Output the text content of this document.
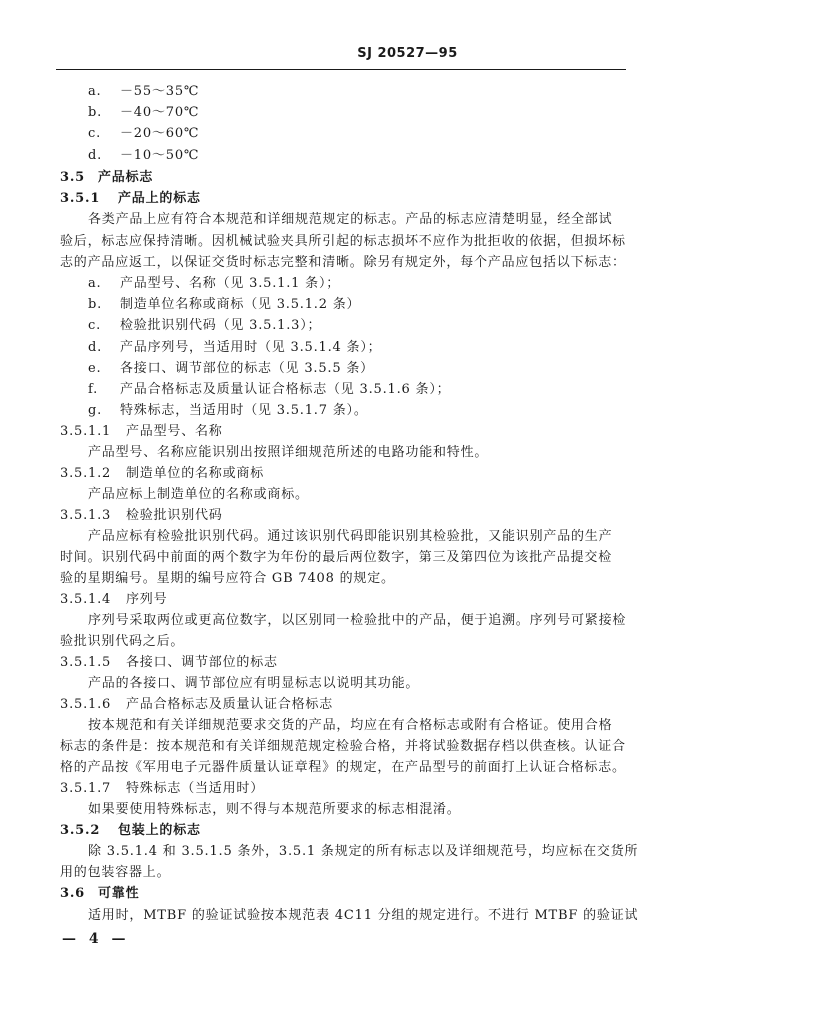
SJ 20527—95
a. －55～35℃
b. －40～70℃
c. －20～60℃
d. －10～50℃
3.5 产品标志
3.5.1 产品上的标志
各类产品上应有符合本规范和详细规范规定的标志。产品的标志应清楚明显，经全部试
验后，标志应保持清晰。因机械试验夹具所引起的标志损坏不应作为批拒收的依据，但损坏标
志的产品应返工，以保证交货时标志完整和清晰。除另有规定外，每个产品应包括以下标志：
a. 产品型号、名称（见 3.5.1.1 条）；
b. 制造单位名称或商标（见 3.5.1.2 条）
c. 检验批识别代码（见 3.5.1.3）；
d. 产品序列号，当适用时（见 3.5.1.4 条）；
e. 各接口、调节部位的标志（见 3.5.5 条）
f. 产品合格标志及质量认证合格标志（见 3.5.1.6 条）；
g. 特殊标志，当适用时（见 3.5.1.7 条）。
3.5.1.1 产品型号、名称
产品型号、名称应能识别出按照详细规范所述的电路功能和特性。
3.5.1.2 制造单位的名称或商标
产品应标上制造单位的名称或商标。
3.5.1.3 检验批识别代码
产品应标有检验批识别代码。通过该识别代码即能识别其检验批，又能识别产品的生产
时间。识别代码中前面的两个数字为年份的最后两位数字，第三及第四位为该批产品提交检
验的星期编号。星期的编号应符合 GB 7408 的规定。
3.5.1.4 序列号
序列号采取两位或更高位数字，以区别同一检验批中的产品，便于追溯。序列号可紧接检
验批识别代码之后。
3.5.1.5 各接口、调节部位的标志
产品的各接口、调节部位应有明显标志以说明其功能。
3.5.1.6 产品合格标志及质量认证合格标志
按本规范和有关详细规范要求交货的产品，均应在有合格标志或附有合格证。使用合格
标志的条件是：按本规范和有关详细规范规定检验合格，并将试验数据存档以供查核。认证合
格的产品按《军用电子元器件质量认证章程》的规定，在产品型号的前面打上认证合格标志。
3.5.1.7 特殊标志（当适用时）
如果要使用特殊标志，则不得与本规范所要求的标志相混淆。
3.5.2 包装上的标志
除 3.5.1.4 和 3.5.1.5 条外，3.5.1 条规定的所有标志以及详细规范号，均应标在交货所
用的包装容器上。
3.6 可靠性
适用时，MTBF 的验证试验按本规范表 4C11 分组的规定进行。不进行 MTBF 的验证试
— 4 —
